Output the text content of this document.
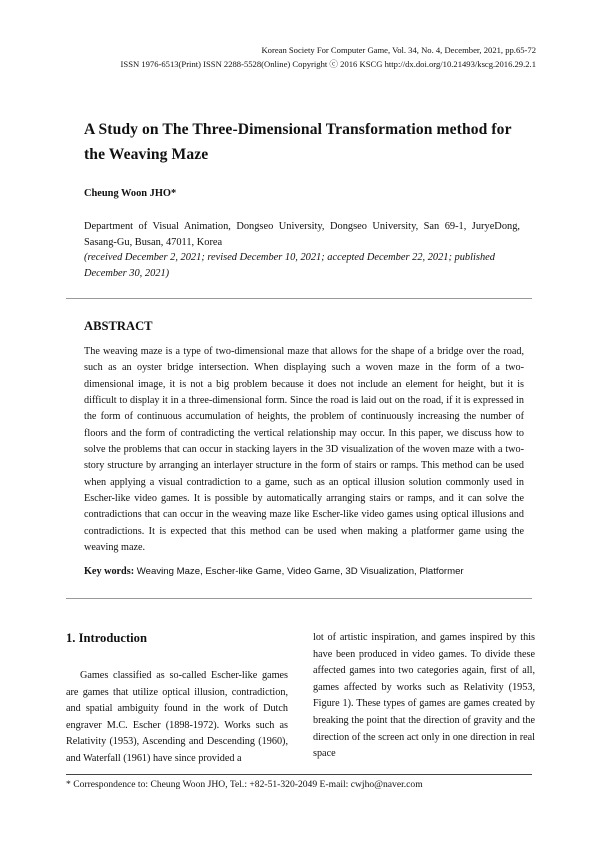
Korean Society For Computer Game, Vol. 34, No. 4, December, 2021, pp.65-72
ISSN 1976-6513(Print) ISSN 2288-5528(Online) Copyright ⓒ 2016 KSCG http://dx.doi.org/10.21493/kscg.2016.29.2.1
A Study on The Three-Dimensional Transformation method for the Weaving Maze

Cheung Woon JHO*

Department of Visual Animation, Dongseo University, Dongseo University, San 69-1, JuryeDong, Sasang-Gu, Busan, 47011, Korea

(received December 2, 2021; revised December 10, 2021; accepted December 22, 2021; published December 30, 2021)

ABSTRACT

The weaving maze is a type of two-dimensional maze that allows for the shape of a bridge over the road, such as an oyster bridge intersection. When displaying such a woven maze in the form of a two-dimensional image, it is not a big problem because it does not include an element for height, but it is difficult to display it in a three-dimensional form. Since the road is laid out on the road, if it is expressed in the form of continuous accumulation of heights, the problem of continuously increasing the number of floors and the form of contradicting the vertical relationship may occur. In this paper, we discuss how to solve the problems that can occur in stacking layers in the 3D visualization of the woven maze with a two-story structure by arranging an interlayer structure in the form of stairs or ramps. This method can be used when applying a visual contradiction to a game, such as an optical illusion solution commonly used in Escher-like video games. It is possible by automatically arranging stairs or ramps, and it can solve the contradictions that can occur in the weaving maze like Escher-like video games using optical illusions and contradictions. It is expected that this method can be used when making a platformer game using the weaving maze.

Key words: Weaving Maze, Escher-like Game, Video Game, 3D Visualization, Platformer

1. Introduction

Games classified as so-called Escher-like games are games that utilize optical illusion, contradiction, and spatial ambiguity found in the work of Dutch engraver M.C. Escher (1898-1972). Works such as Relativity (1953), Ascending and Descending (1960), and Waterfall (1961) have since provided a

lot of artistic inspiration, and games inspired by this have been produced in video games. To divide these affected games into two categories again, first of all, games affected by works such as Relativity (1953, Figure 1). These types of games are games created by breaking the point that the direction of gravity and the direction of the screen act only in one direction in real space

* Correspondence to: Cheung Woon JHO, Tel.: +82-51-320-2049 E-mail: cwjho@naver.com
